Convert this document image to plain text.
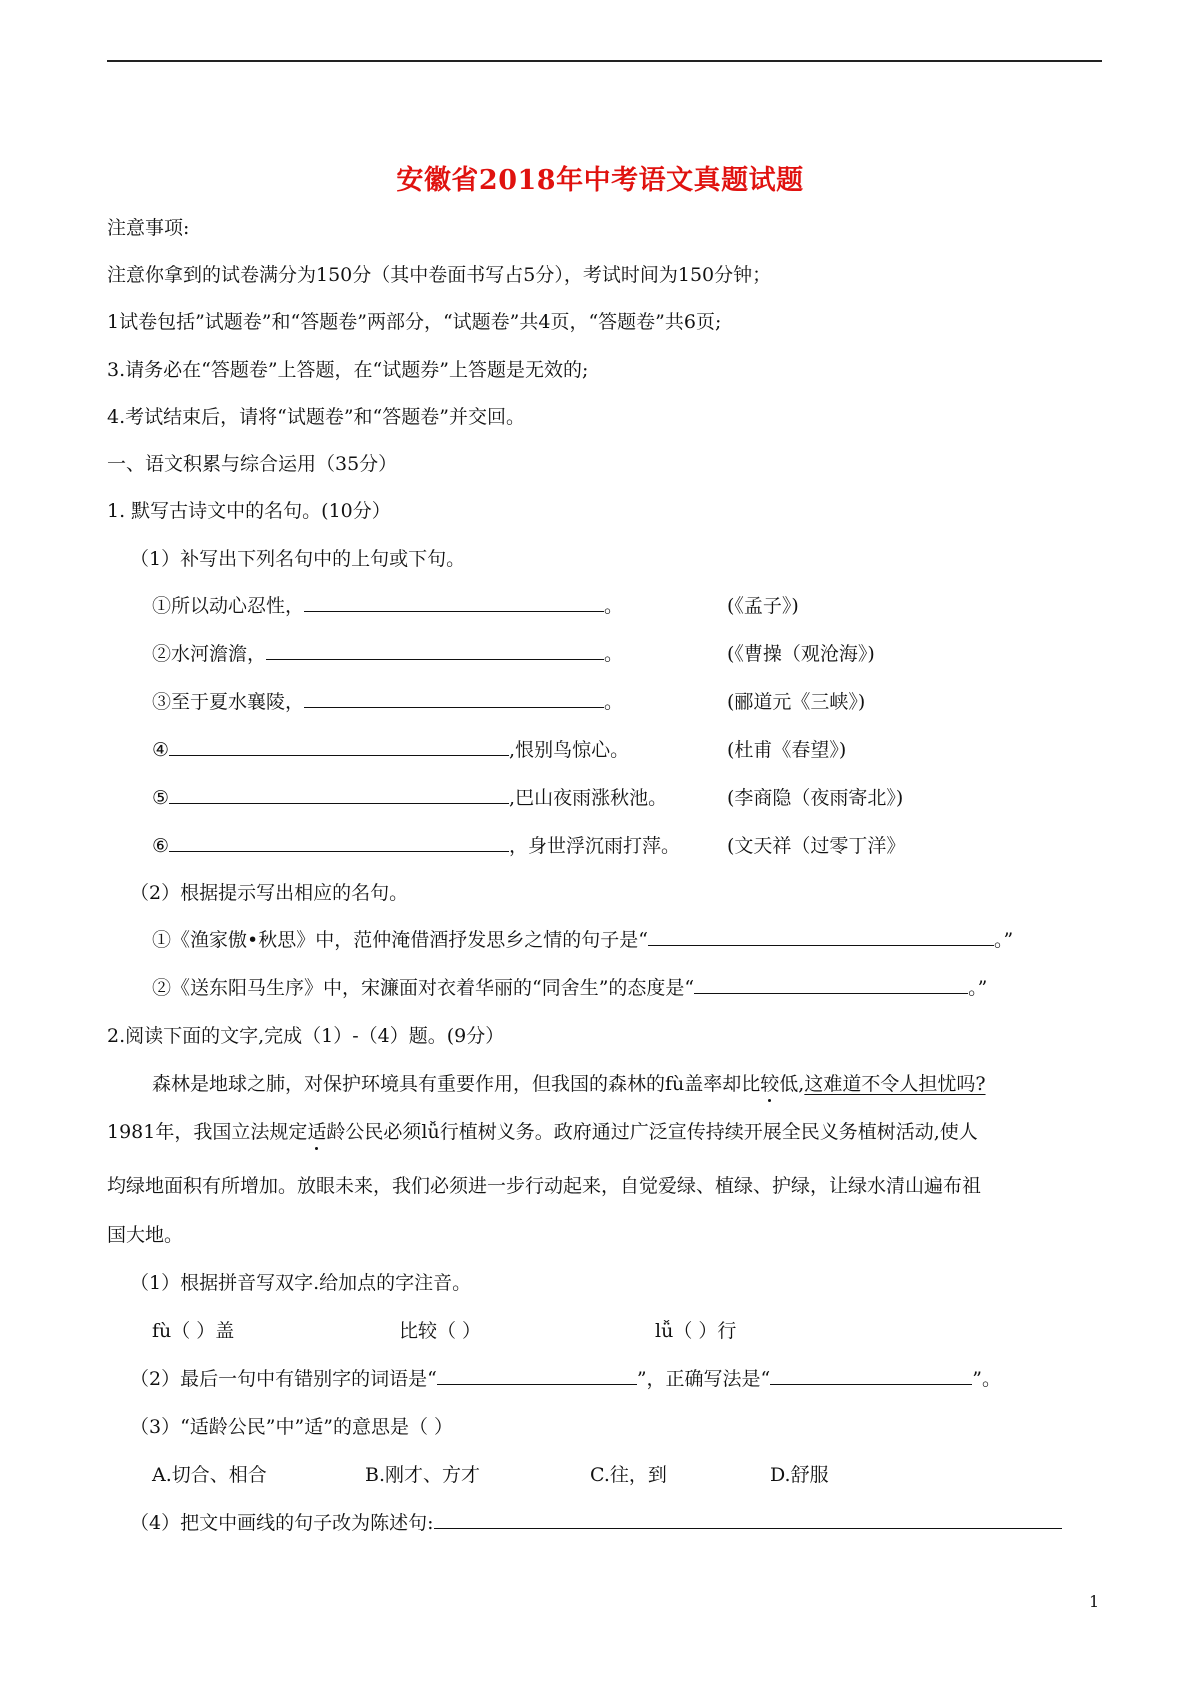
安徽省2018年中考语文真题试题
注意事项:
注意你拿到的试卷满分为150分（其中卷面书写占5分），考试时间为150分钟；
1试卷包括”试题卷”和“答题卷”两部分，“试题卷”共4页，“答题卷”共6页;
3.请务必在“答题卷”上答题，在“试题券”上答题是无效的;
4.考试结束后，请将“试题卷”和“答题卷”并交回。
一、语文积累与综合运用（35分）
1. 默写古诗文中的名句。(10分）
（1）补写出下列名句中的上句或下句。
①所以动心忍性，	。	(《孟子》)
②水河澹澹，	。	(《曹操（观沧海》)
③至于夏水襄陵，	。	(郦道元《三峡》)
④	,恨别鸟惊心。	(杜甫《春望》)
⑤	,巴山夜雨涨秋池。	(李商隐（夜雨寄北》)
⑥	，身世浮沉雨打萍。 (文天祥（过零丁洋》
（2）根据提示写出相应的名句。
①《渔家傲•秋思》中，范仲淹借酒抒发思乡之情的句子是“	。”
②《送东阳马生序》中，宋濂面对衣着华丽的“同舍生”的态度是“	。”
2.阅读下面的文字,完成（1）-（4）题。(9分）
森林是地球之肺，对保护环境具有重要作用，但我国的森林的fù盖率却比较低,这难道不令人担忧吗?
1981年，我国立法规定适龄公民必须lǚ行植树义务。政府通过广泛宣传持续开展全民义务植树活动,使人
均绿地面积有所增加。放眼未来，我们必须进一步行动起来，自觉爱绿、植绿、护绿，让绿水清山遍布祖
国大地。
（1）根据拼音写双字.给加点的字注音。
fù（ ）盖	比较（ ）	lǚ（ ）行
（2）最后一句中有错别字的词语是“	”，正确写法是“	”。
（3）“适龄公民”中”适”的意思是（ ）
A.切合、相合	B.刚才、方才	C.往，到	D.舒服
（4）把文中画线的句子改为陈述句:
1
